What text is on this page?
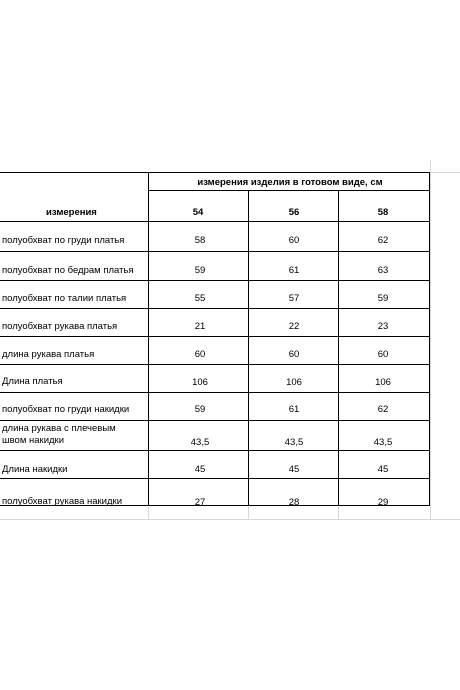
измерения изделия в готовом виде, см
измерения	54	56	58
полуобхват по груди платья	58	60	62
полуобхват по бедрам платья	59	61	63
полуобхват по талии платья	55	57	59
полуобхват рукава платья	21	22	23
длина рукава платья	60	60	60
Длина платья	106	106	106
полуобхват по груди накидки	59	61	62
длина рукава с плечевым швом накидки	43,5	43,5	43,5
Длина накидки	45	45	45
полуобхват рукава накидки	27	28	29
